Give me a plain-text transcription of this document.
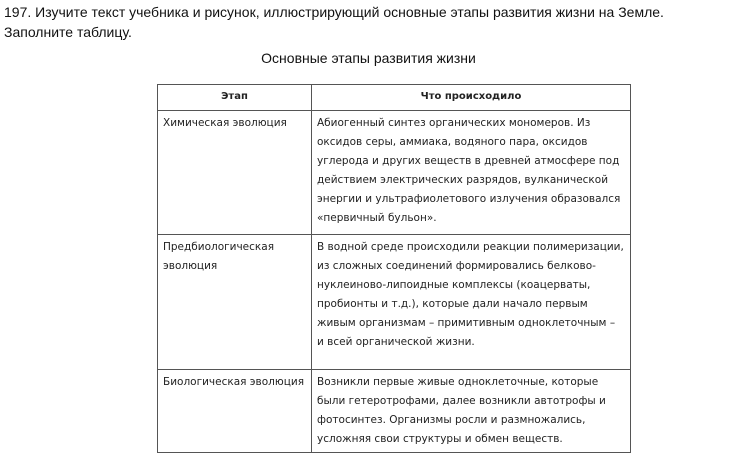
197. Изучите текст учебника и рисунок, иллюстрирующий основные этапы развития жизни на Земле. Заполните таблицу.
Основные этапы развития жизни
Этап	Что происходило
Химическая эволюция	Абиогенный синтез органических мономеров. Из оксидов серы, аммиака, водяного пара, оксидов углерода и других веществ в древней атмосфере под действием электрических разрядов, вулканической энергии и ультрафиолетового излучения образовался «первичный бульон».
Предбиологическая эволюция	В водной среде происходили реакции полимеризации, из сложных соединений формировались белково-нуклеиново-липоидные комплексы (коацерваты, пробионты и т.д.), которые дали начало первым живым организмам – примитивным одноклеточным – и всей органической жизни.
Биологическая эволюция	Возникли первые живые одноклеточные, которые были гетеротрофами, далее возникли автотрофы и фотосинтез. Организмы росли и размножались, усложняя свои структуры и обмен веществ.
